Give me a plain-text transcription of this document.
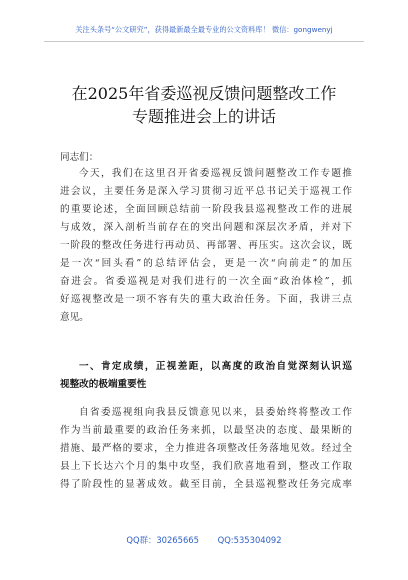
关注头条号“公文研究”，获得最新最全最专业的公文资料库！ 微信：gongwenyj
在2025年省委巡视反馈问题整改工作
专题推进会上的讲话
同志们：
今天，我们在这里召开省委巡视反馈问题整改工作专题推
进会议，主要任务是深入学习贯彻习近平总书记关于巡视工作
的重要论述，全面回顾总结前一阶段我县巡视整改工作的进展
与成效，深入剖析当前存在的突出问题和深层次矛盾，并对下
一阶段的整改任务进行再动员、再部署、再压实。这次会议，既
是一次“回头看”的总结评估会，更是一次“向前走”的加压
奋进会。省委巡视是对我们进行的一次全面“政治体检”，抓
好巡视整改是一项不容有失的重大政治任务。下面，我讲三点
意见。
一、肯定成绩，正视差距，以高度的政治自觉深刻认识巡
视整改的极端重要性
自省委巡视组向我县反馈意见以来，县委始终将整改工作
作为当前最重要的政治任务来抓，以最坚决的态度、最果断的
措施、最严格的要求，全力推进各项整改任务落地见效。经过全
县上下长达六个月的集中攻坚，我们欣喜地看到，整改工作取
得了阶段性的显著成效。截至目前，全县巡视整改任务完成率
QQ群：30265665 QQ:535304092
